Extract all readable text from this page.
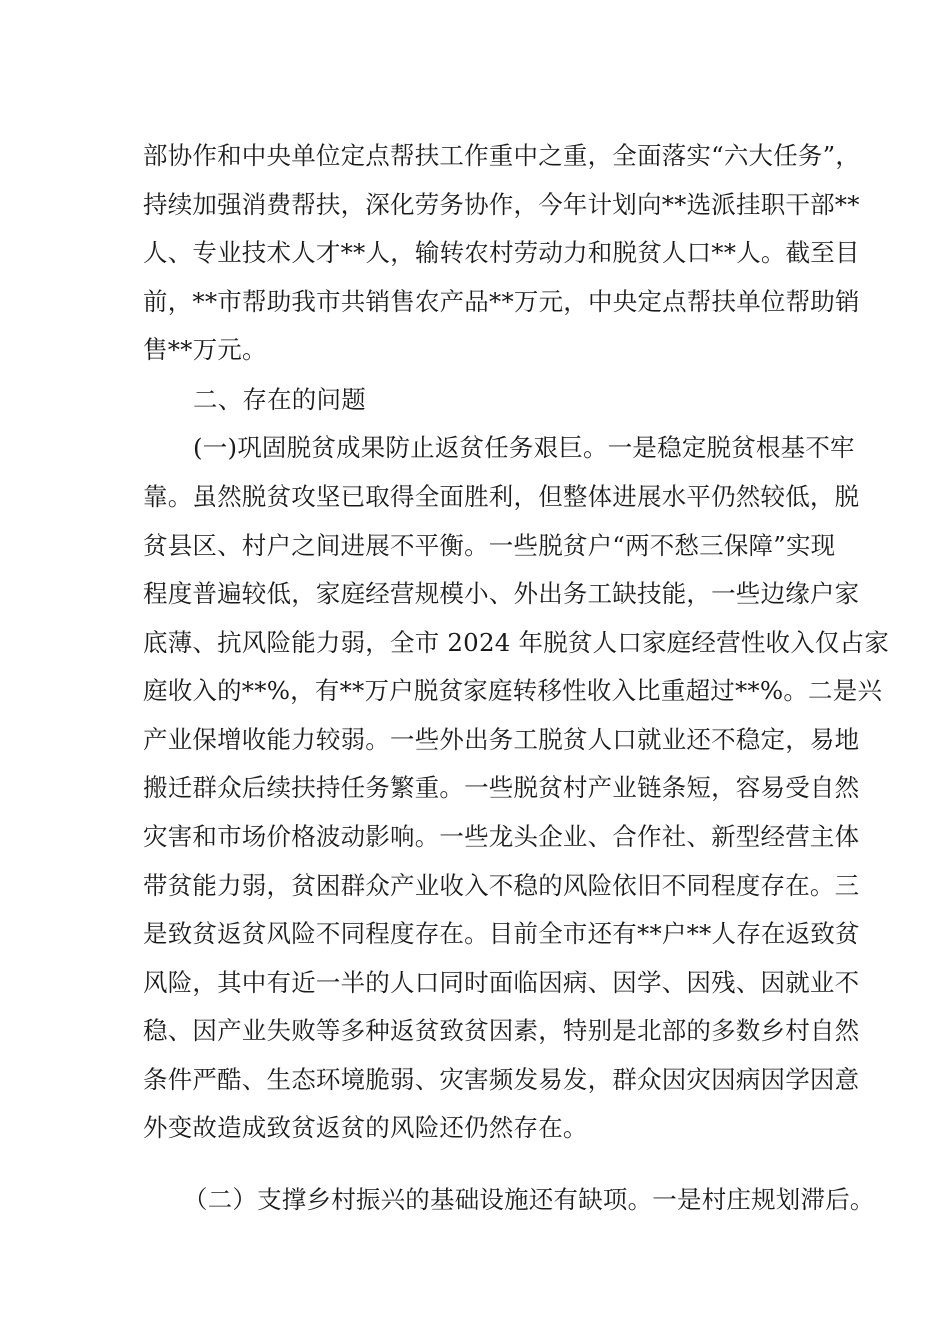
部协作和中央单位定点帮扶工作重中之重，全面落实“六大任务”，
持续加强消费帮扶，深化劳务协作，今年计划向**选派挂职干部**
人、专业技术人才**人，输转农村劳动力和脱贫人口**人。截至目
前，**市帮助我市共销售农产品**万元，中央定点帮扶单位帮助销
售**万元。
二、存在的问题
(一)巩固脱贫成果防止返贫任务艰巨。一是稳定脱贫根基不牢
靠。虽然脱贫攻坚已取得全面胜利，但整体进展水平仍然较低，脱
贫县区、村户之间进展不平衡。一些脱贫户“两不愁三保障”实现
程度普遍较低，家庭经营规模小、外出务工缺技能，一些边缘户家
底薄、抗风险能力弱，全市 2024 年脱贫人口家庭经营性收入仅占家
庭收入的**%，有**万户脱贫家庭转移性收入比重超过**%。二是兴
产业保增收能力较弱。一些外出务工脱贫人口就业还不稳定，易地
搬迁群众后续扶持任务繁重。一些脱贫村产业链条短，容易受自然
灾害和市场价格波动影响。一些龙头企业、合作社、新型经营主体
带贫能力弱，贫困群众产业收入不稳的风险依旧不同程度存在。三
是致贫返贫风险不同程度存在。目前全市还有**户**人存在返致贫
风险，其中有近一半的人口同时面临因病、因学、因残、因就业不
稳、因产业失败等多种返贫致贫因素，特别是北部的多数乡村自然
条件严酷、生态环境脆弱、灾害频发易发，群众因灾因病因学因意
外变故造成致贫返贫的风险还仍然存在。
（二）支撑乡村振兴的基础设施还有缺项。一是村庄规划滞后。
